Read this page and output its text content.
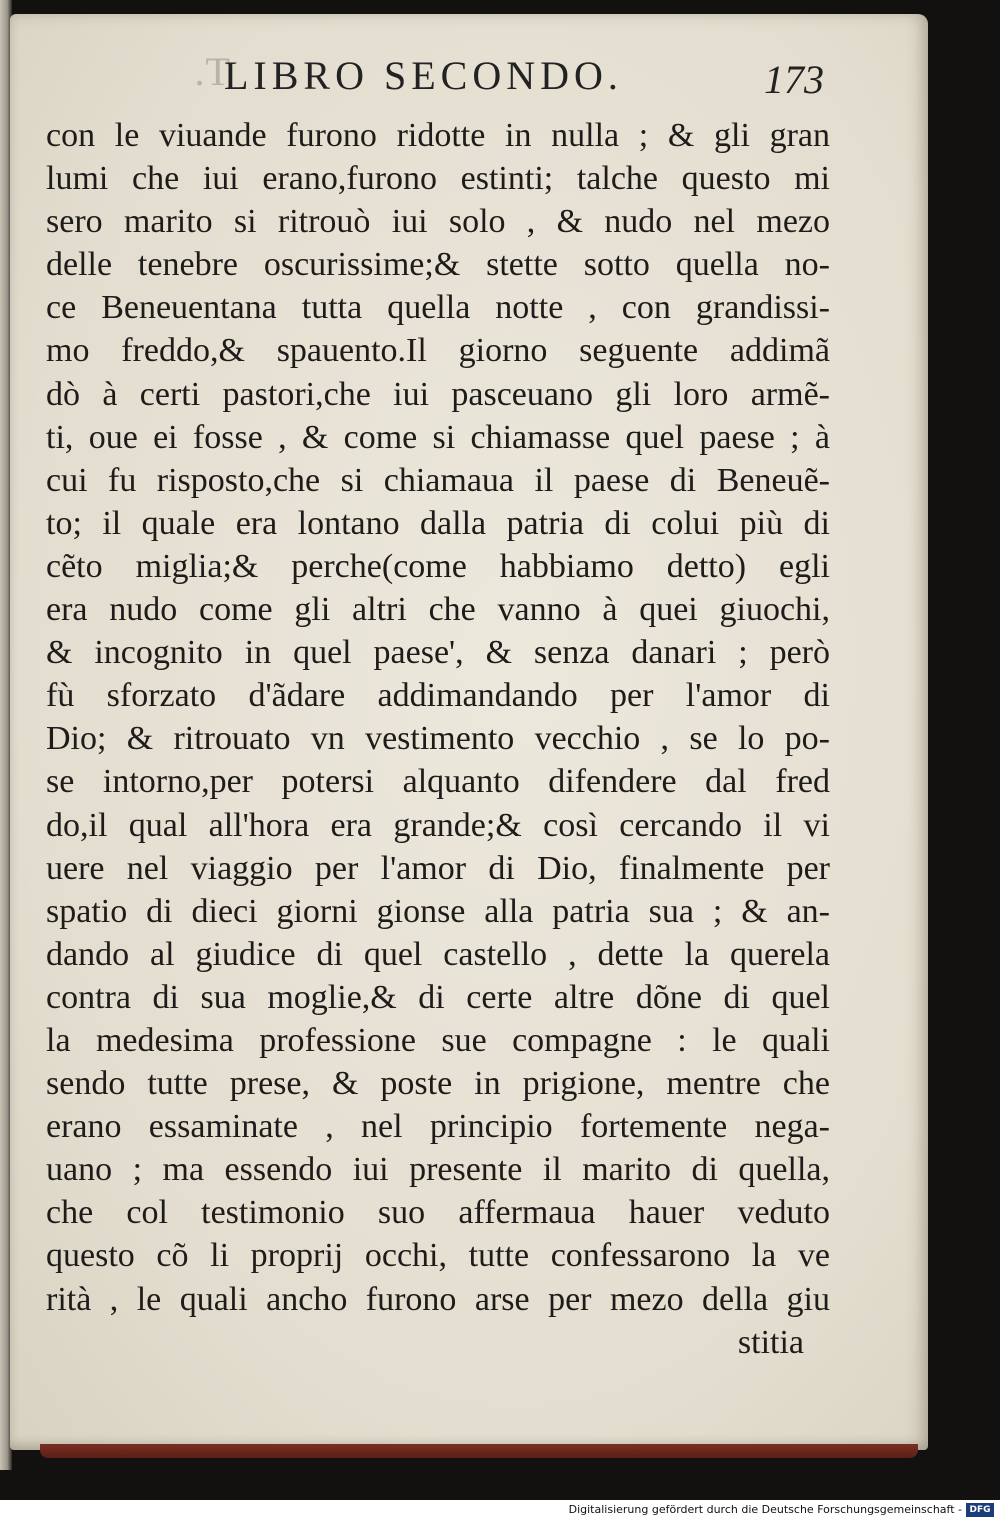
T.
LIBRO SECONDO.	173
con le viuande furono ridotte in nulla ; & gli gran
lumi che iui erano,furono estinti; talche questo mi
sero marito si ritrouò iui solo , & nudo nel mezo
delle tenebre oscurissime;& stette sotto quella no-
ce Beneuentana tutta quella notte , con grandissi-
mo freddo,& spauento.Il giorno seguente addimã
dò à certi pastori,che iui pasceuano gli loro armẽ-
ti, oue ei fosse , & come si chiamasse quel paese ; à
cui fu risposto,che si chiamaua il paese di Beneuẽ-
to; il quale era lontano dalla patria di colui più di
cẽto miglia;& perche(come habbiamo detto) egli
era nudo come gli altri che vanno à quei giuochi,
& incognito in quel paese', & senza danari ; però
fù sforzato d'ãdare addimandando per l'amor di
Dio; & ritrouato vn vestimento vecchio , se lo po-
se intorno,per potersi alquanto difendere dal fred
do,il qual all'hora era grande;& così cercando il vi
uere nel viaggio per l'amor di Dio, finalmente per
spatio di dieci giorni gionse alla patria sua ; & an-
dando al giudice di quel castello , dette la querela
contra di sua moglie,& di certe altre dõne di quel
la medesima professione sue compagne : le quali
sendo tutte prese, & poste in prigione, mentre che
erano essaminate , nel principio fortemente nega-
uano ; ma essendo iui presente il marito di quella,
che col testimonio suo affermaua hauer veduto
questo cõ li proprij occhi, tutte confessarono la ve
rità , le quali ancho furono arse per mezo della giu
stitia
Digitalisierung gefördert durch die Deutsche Forschungsgemeinschaft - DFG
